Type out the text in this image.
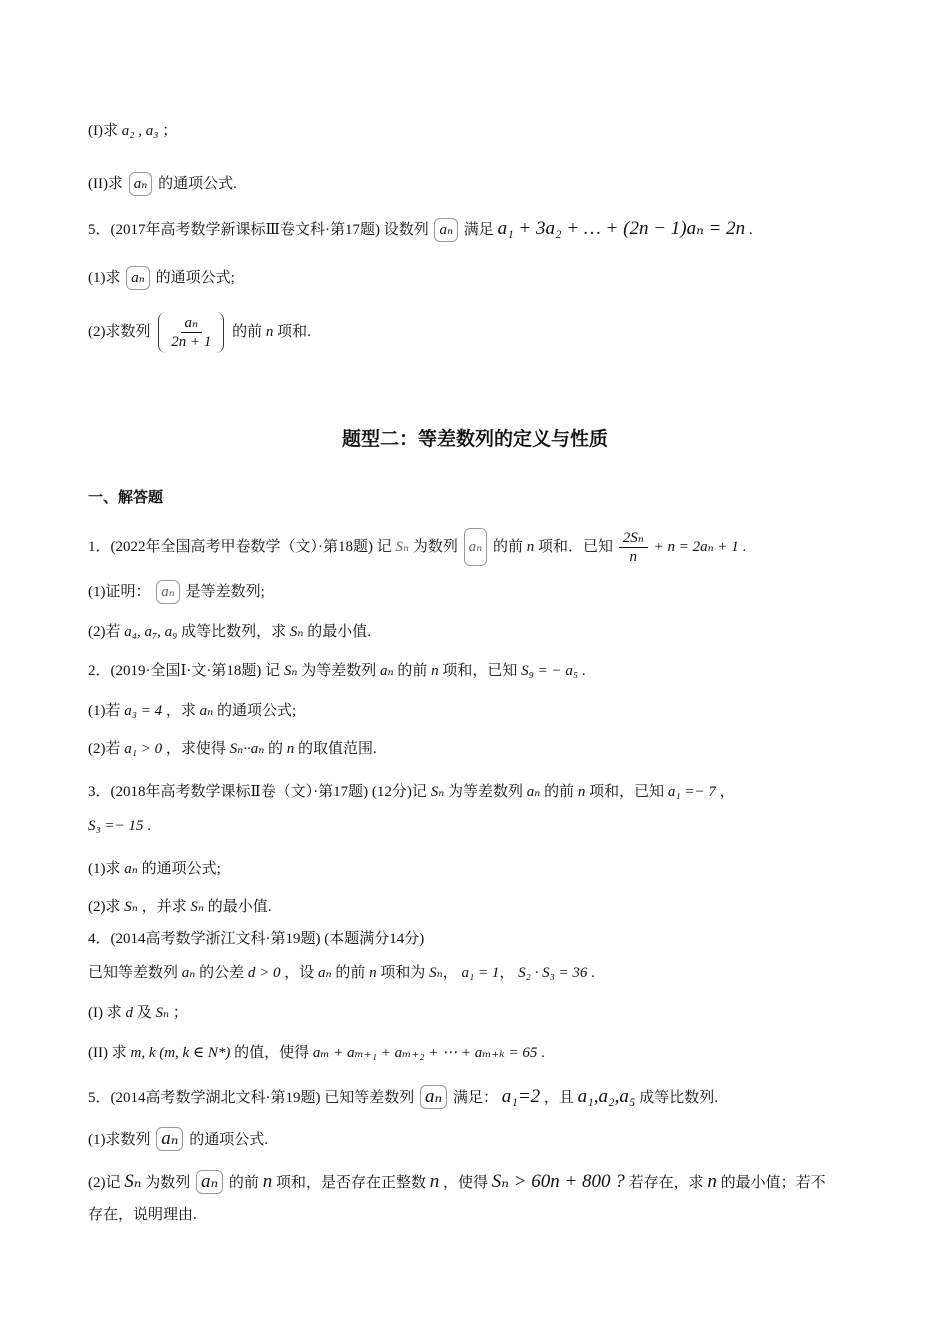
(I)求 a₂ , a₃ ；
(II)求 aₙ 的通项公式.
5．(2017年高考数学新课标Ⅲ卷文科·第17题) 设数列 aₙ 满足 a₁ + 3a₂ + … + (2n − 1)aₙ = 2n .
(1)求 aₙ 的通项公式;
(2)求数列 $\frac{\text{aₙ}}{2n + 1}$ 的前 n 项和.
题型二：等差数列的定义与性质
一、解答题
1．(2022年全国高考甲卷数学（文）·第18题) 记 Sₙ 为数列 aₙ 的前 n 项和．已知 $\frac{\text{2Sₙ}}{n} + n = 2a_n + 1$ .
(1)证明： aₙ 是等差数列;
(2)若 a₄, a₇, a₉ 成等比数列，求 Sₙ 的最小值.
2．(2019·全国Ⅰ·文·第18题) 记 Sₙ 为等差数列 aₙ 的前 n 项和，已知 S₉ = − a₅ .
(1)若 a₃ = 4 ，求 aₙ 的通项公式;
(2)若 a₁ > 0 ，求使得 Sₙ··aₙ 的 n 的取值范围.
3．(2018年高考数学课标Ⅱ卷（文）·第17题) (12分)记 Sₙ 为等差数列 aₙ 的前 n 项和，已知 a₁ =− 7 ，
S₃ =− 15 .
(1)求 aₙ 的通项公式;
(2)求 Sₙ ，并求 Sₙ 的最小值.
4．(2014高考数学浙江文科·第19题) (本题满分14分)
已知等差数列 aₙ 的公差 d > 0 ，设 aₙ 的前 n 项和为 Sₙ， a₁ = 1， S₂ · S₃ = 36 .
(I) 求 d 及 Sₙ ；
(II) 求 m, k (m, k ∈ N*) 的值，使得 aₘ + aₘ₊₁ + aₘ₊₂ + ⋯ + aₘ₊ₖ = 65 .
5．(2014高考数学湖北文科·第19题) 已知等差数列 aₙ 满足： a₁=2 ，且 a₁,a₂,a₅ 成等比数列.
(1)求数列 aₙ 的通项公式.
(2)记 Sₙ 为数列 aₙ 的前 n 项和，是否存在正整数 n ，使得 Sₙ > 60n + 800 ? 若存在，求 n 的最小值；若不
存在，说明理由.
